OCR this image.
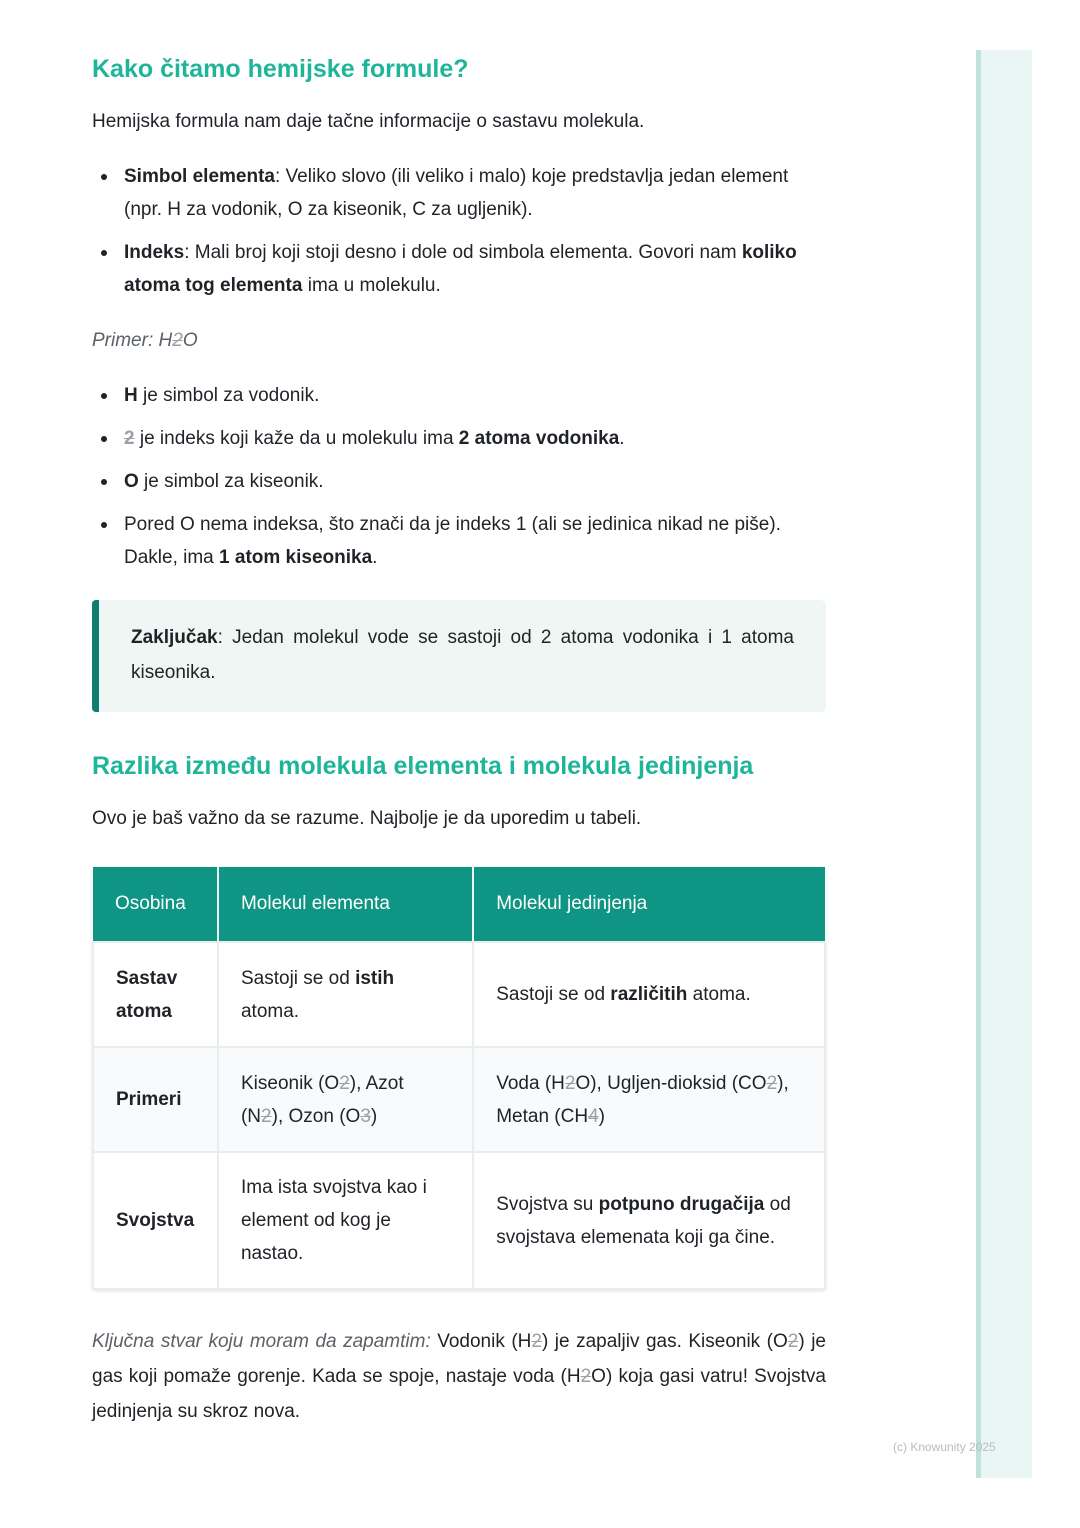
Kako čitamo hemijske formule?

Hemijska formula nam daje tačne informacije o sastavu molekula.

Simbol elementa: Veliko slovo (ili veliko i malo) koje predstavlja jedan element (npr. H za vodonik, O za kiseonik, C za ugljenik).
Indeks: Mali broj koji stoji desno i dole od simbola elementa. Govori nam koliko atoma tog elementa ima u molekulu.

Primer: H2O

H je simbol za vodonik.
2 je indeks koji kaže da u molekulu ima 2 atoma vodonika.
O je simbol za kiseonik.
Pored O nema indeksa, što znači da je indeks 1 (ali se jedinica nikad ne piše). Dakle, ima 1 atom kiseonika.

Zaključak: Jedan molekul vode se sastoji od 2 atoma vodonika i 1 atoma kiseonika.

Razlika između molekula elementa i molekula jedinjenja

Ovo je baš važno da se razume. Najbolje je da uporedim u tabeli.

Osobina	Molekul elementa	Molekul jedinjenja
Sastav atoma	Sastoji se od istih atoma.	Sastoji se od različitih atoma.
Primeri	Kiseonik (O2), Azot (N2), Ozon (O3)	Voda (H2O), Ugljen-dioksid (CO2), Metan (CH4)
Svojstva	Ima ista svojstva kao i element od kog je nastao.	Svojstva su potpuno drugačija od svojstava elemenata koji ga čine.

Ključna stvar koju moram da zapamtim: Vodonik (H2) je zapaljiv gas. Kiseonik (O2) je gas koji pomaže gorenje. Kada se spoje, nastaje voda (H2O) koja gasi vatru! Svojstva jedinjenja su skroz nova.

(c) Knowunity 2025
